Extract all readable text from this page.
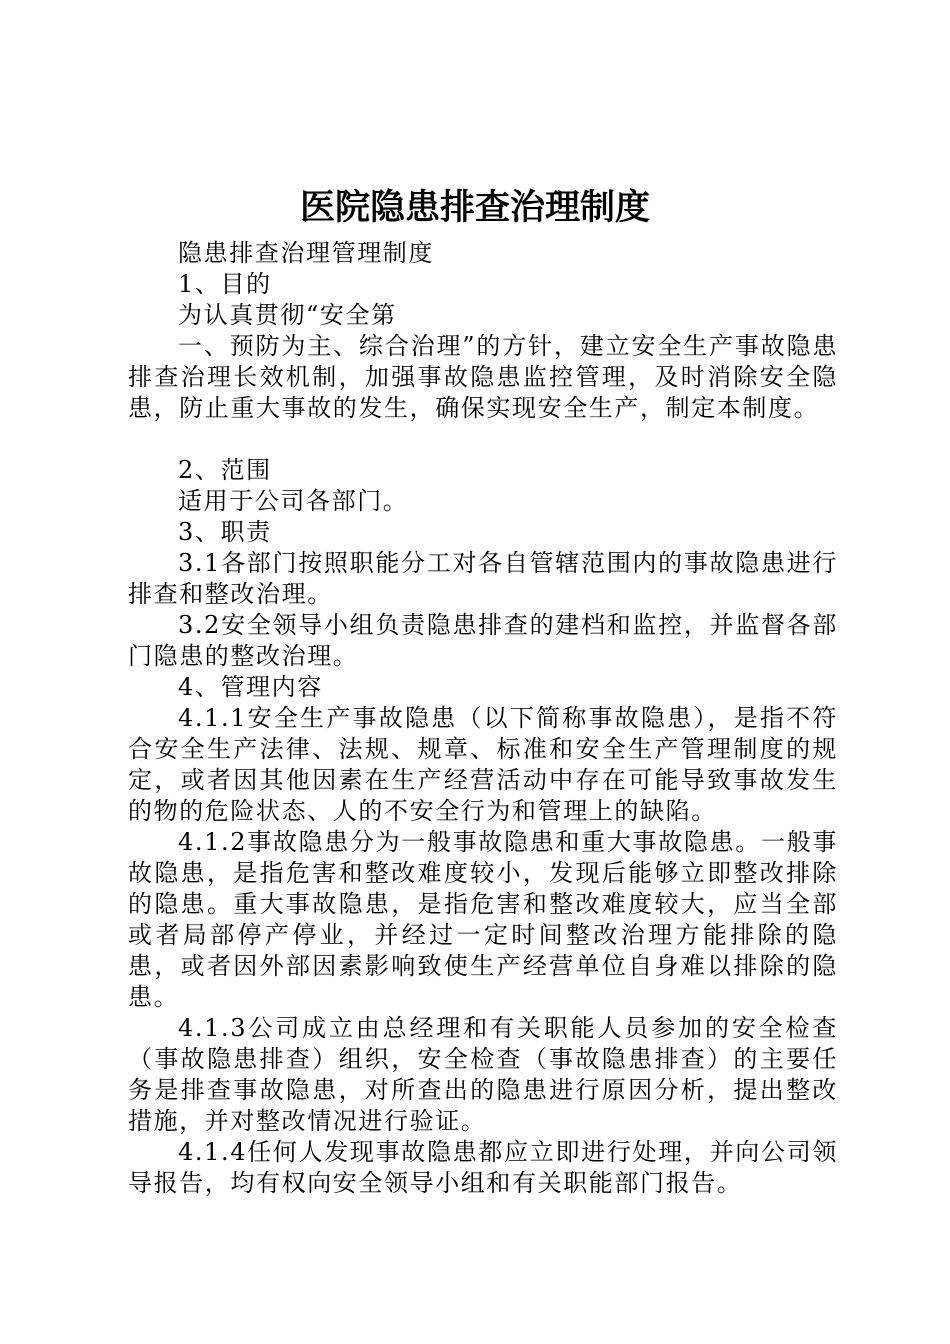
医院隐患排查治理制度

隐患排查治理管理制度

1、目的

为认真贯彻“安全第

一、预防为主、综合治理”的方针，建立安全生产事故隐患排查治理长效机制，加强事故隐患监控管理，及时消除安全隐患，防止重大事故的发生，确保实现安全生产，制定本制度。

2、范围

适用于公司各部门。

3、职责

3.1各部门按照职能分工对各自管辖范围内的事故隐患进行排查和整改治理。

3.2安全领导小组负责隐患排查的建档和监控，并监督各部门隐患的整改治理。

4、管理内容

4.1.1安全生产事故隐患（以下简称事故隐患），是指不符合安全生产法律、法规、规章、标准和安全生产管理制度的规定，或者因其他因素在生产经营活动中存在可能导致事故发生的物的危险状态、人的不安全行为和管理上的缺陷。

4.1.2事故隐患分为一般事故隐患和重大事故隐患。一般事故隐患，是指危害和整改难度较小，发现后能够立即整改排除的隐患。重大事故隐患，是指危害和整改难度较大，应当全部或者局部停产停业，并经过一定时间整改治理方能排除的隐患，或者因外部因素影响致使生产经营单位自身难以排除的隐患。

4.1.3公司成立由总经理和有关职能人员参加的安全检查（事故隐患排查）组织，安全检查（事故隐患排查）的主要任务是排查事故隐患，对所查出的隐患进行原因分析，提出整改措施，并对整改情况进行验证。

4.1.4任何人发现事故隐患都应立即进行处理，并向公司领导报告，均有权向安全领导小组和有关职能部门报告。
